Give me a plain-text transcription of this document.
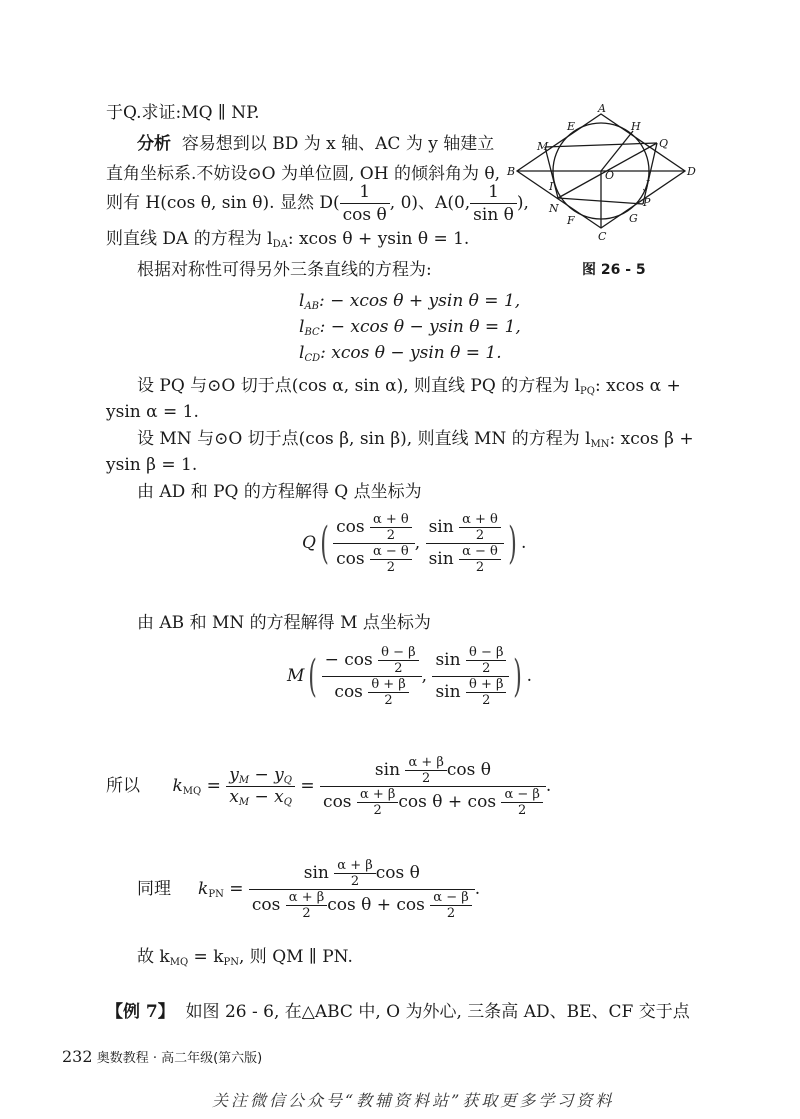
于Q.求证:MQ ∥ NP.
分析 容易想到以 BD 为 x 轴、AC 为 y 轴建立
直角坐标系.不妨设⊙O 为单位圆, OH 的倾斜角为 θ,
则有 H(cos θ, sin θ). 显然 $D( \frac{1}{\text{cos θ}}$ , 0)、A(0, $\frac{1}{\text{sin θ}}$ ),
则直线 DA 的方程为 $l_{DA}$: xcos θ + ysin θ = 1.
根据对称性可得另外三条直线的方程为:
A
E	H
M	Q
B	O	D
I	J
N	P
F	G
C
图 26 - 5
$l_{AB}$: − xcos θ + ysin θ = 1,
$l_{BC}$: − xcos θ − ysin θ = 1,
$l_{CD}$: xcos θ − ysin θ = 1.
设 PQ 与⊙O 切于点(cos α, sin α), 则直线 PQ 的方程为 $l_{PQ}$: xcos α +
ysin α = 1.
设 MN 与⊙O 切于点(cos β, sin β), 则直线 MN 的方程为 $l_{MN}$: xcos β +
ysin β = 1.
由 AD 和 PQ 的方程解得 Q 点坐标为
$Q( \frac{\cos \frac{\alpha + \theta}{2}}{\cos \frac{\alpha - \theta}{2}}$ , $\frac{\sin \frac{\alpha + \theta}{2}}{\sin \frac{\alpha - \theta}{2}}$ ) .
由 AB 和 MN 的方程解得 M 点坐标为
$M( \frac{- \cos \frac{\theta - \beta}{2}}{\cos \frac{\theta + \beta}{2}}$ , $\frac{\sin \frac{\theta - \beta}{2}}{\sin \frac{\theta + \beta}{2}}$ ) .
所以 $k_{MQ} = \frac{y_M - y_Q}{x_M - x_Q} = \frac{\sin \frac{\alpha + \beta}{2} \cos \theta}{\cos \frac{\alpha + \beta}{2} \cos \theta + \cos \frac{\alpha - \beta}{2}}$ .
同理 $k_{PN} = \frac{\sin \frac{\alpha + \beta}{2} \cos \theta}{\cos \frac{\alpha + \beta}{2} \cos \theta + \cos \frac{\alpha - \beta}{2}}$ .
故 $k_{MQ} = k_{PN}$, 则 QM ∥ PN.
【例 7】 如图 26 - 6, 在△ABC 中, O 为外心, 三条高 AD、BE、CF 交于点
232 奥数教程 · 高二年级(第六版)
关注微信公众号“教辅资料站”获取更多学习资料
